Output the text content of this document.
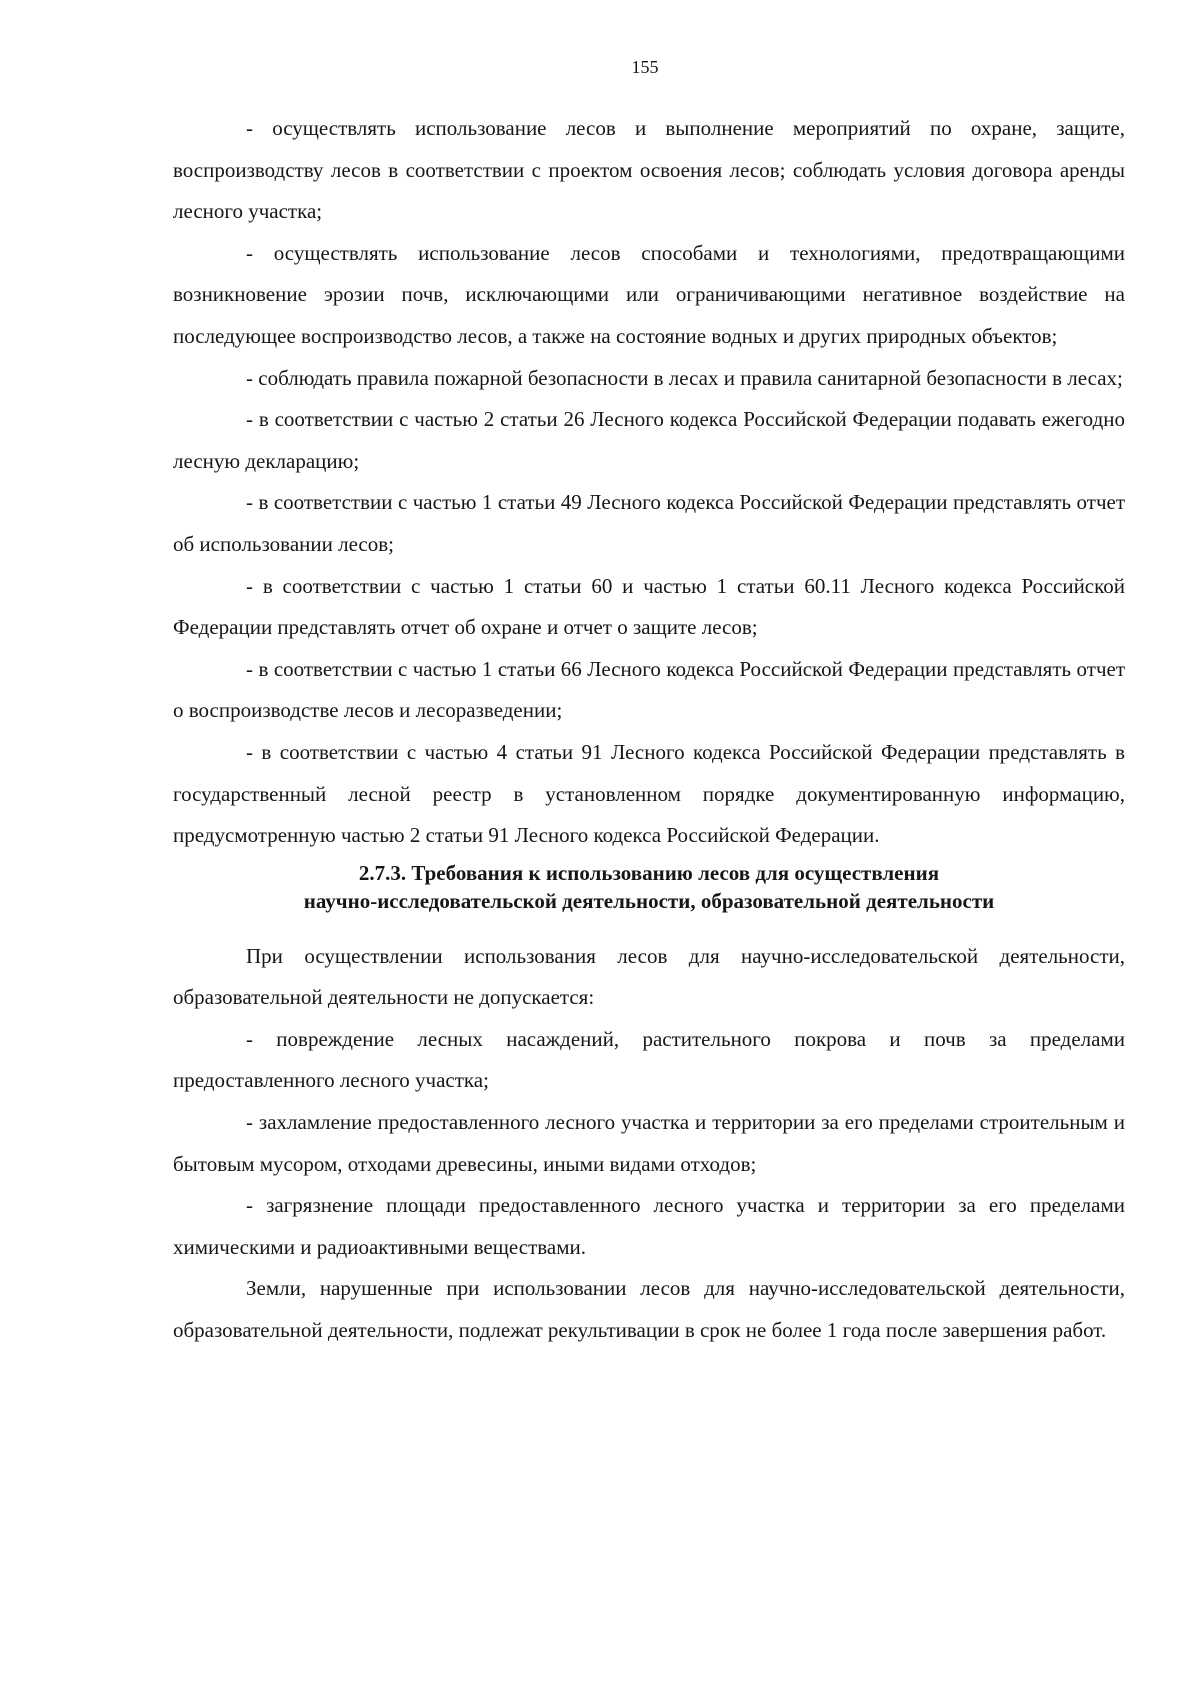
155

- осуществлять использование лесов и выполнение мероприятий по охране, защите, воспроизводству лесов в соответствии с проектом освоения лесов; соблюдать условия договора аренды лесного участка;

- осуществлять использование лесов способами и технологиями, предотвращающими возникновение эрозии почв, исключающими или ограничивающими негативное воздействие на последующее воспроизводство лесов, а также на состояние водных и других природных объектов;

- соблюдать правила пожарной безопасности в лесах и правила санитарной безопасности в лесах;

- в соответствии с частью 2 статьи 26 Лесного кодекса Российской Федерации подавать ежегодно лесную декларацию;

- в соответствии с частью 1 статьи 49 Лесного кодекса Российской Федерации представлять отчет об использовании лесов;

- в соответствии с частью 1 статьи 60 и частью 1 статьи 60.11 Лесного кодекса Российской Федерации представлять отчет об охране и отчет о защите лесов;

- в соответствии с частью 1 статьи 66 Лесного кодекса Российской Федерации представлять отчет о воспроизводстве лесов и лесоразведении;

- в соответствии с частью 4 статьи 91 Лесного кодекса Российской Федерации представлять в государственный лесной реестр в установленном порядке документированную информацию, предусмотренную частью 2 статьи 91 Лесного кодекса Российской Федерации.

2.7.3. Требования к использованию лесов для осуществления
научно-исследовательской деятельности, образовательной деятельности

При осуществлении использования лесов для научно-исследовательской деятельности, образовательной деятельности не допускается:

- повреждение лесных насаждений, растительного покрова и почв за пределами предоставленного лесного участка;

- захламление предоставленного лесного участка и территории за его пределами строительным и бытовым мусором, отходами древесины, иными видами отходов;

- загрязнение площади предоставленного лесного участка и территории за его пределами химическими и радиоактивными веществами.

Земли, нарушенные при использовании лесов для научно-исследовательской деятельности, образовательной деятельности, подлежат рекультивации в срок не более 1 года после завершения работ.
